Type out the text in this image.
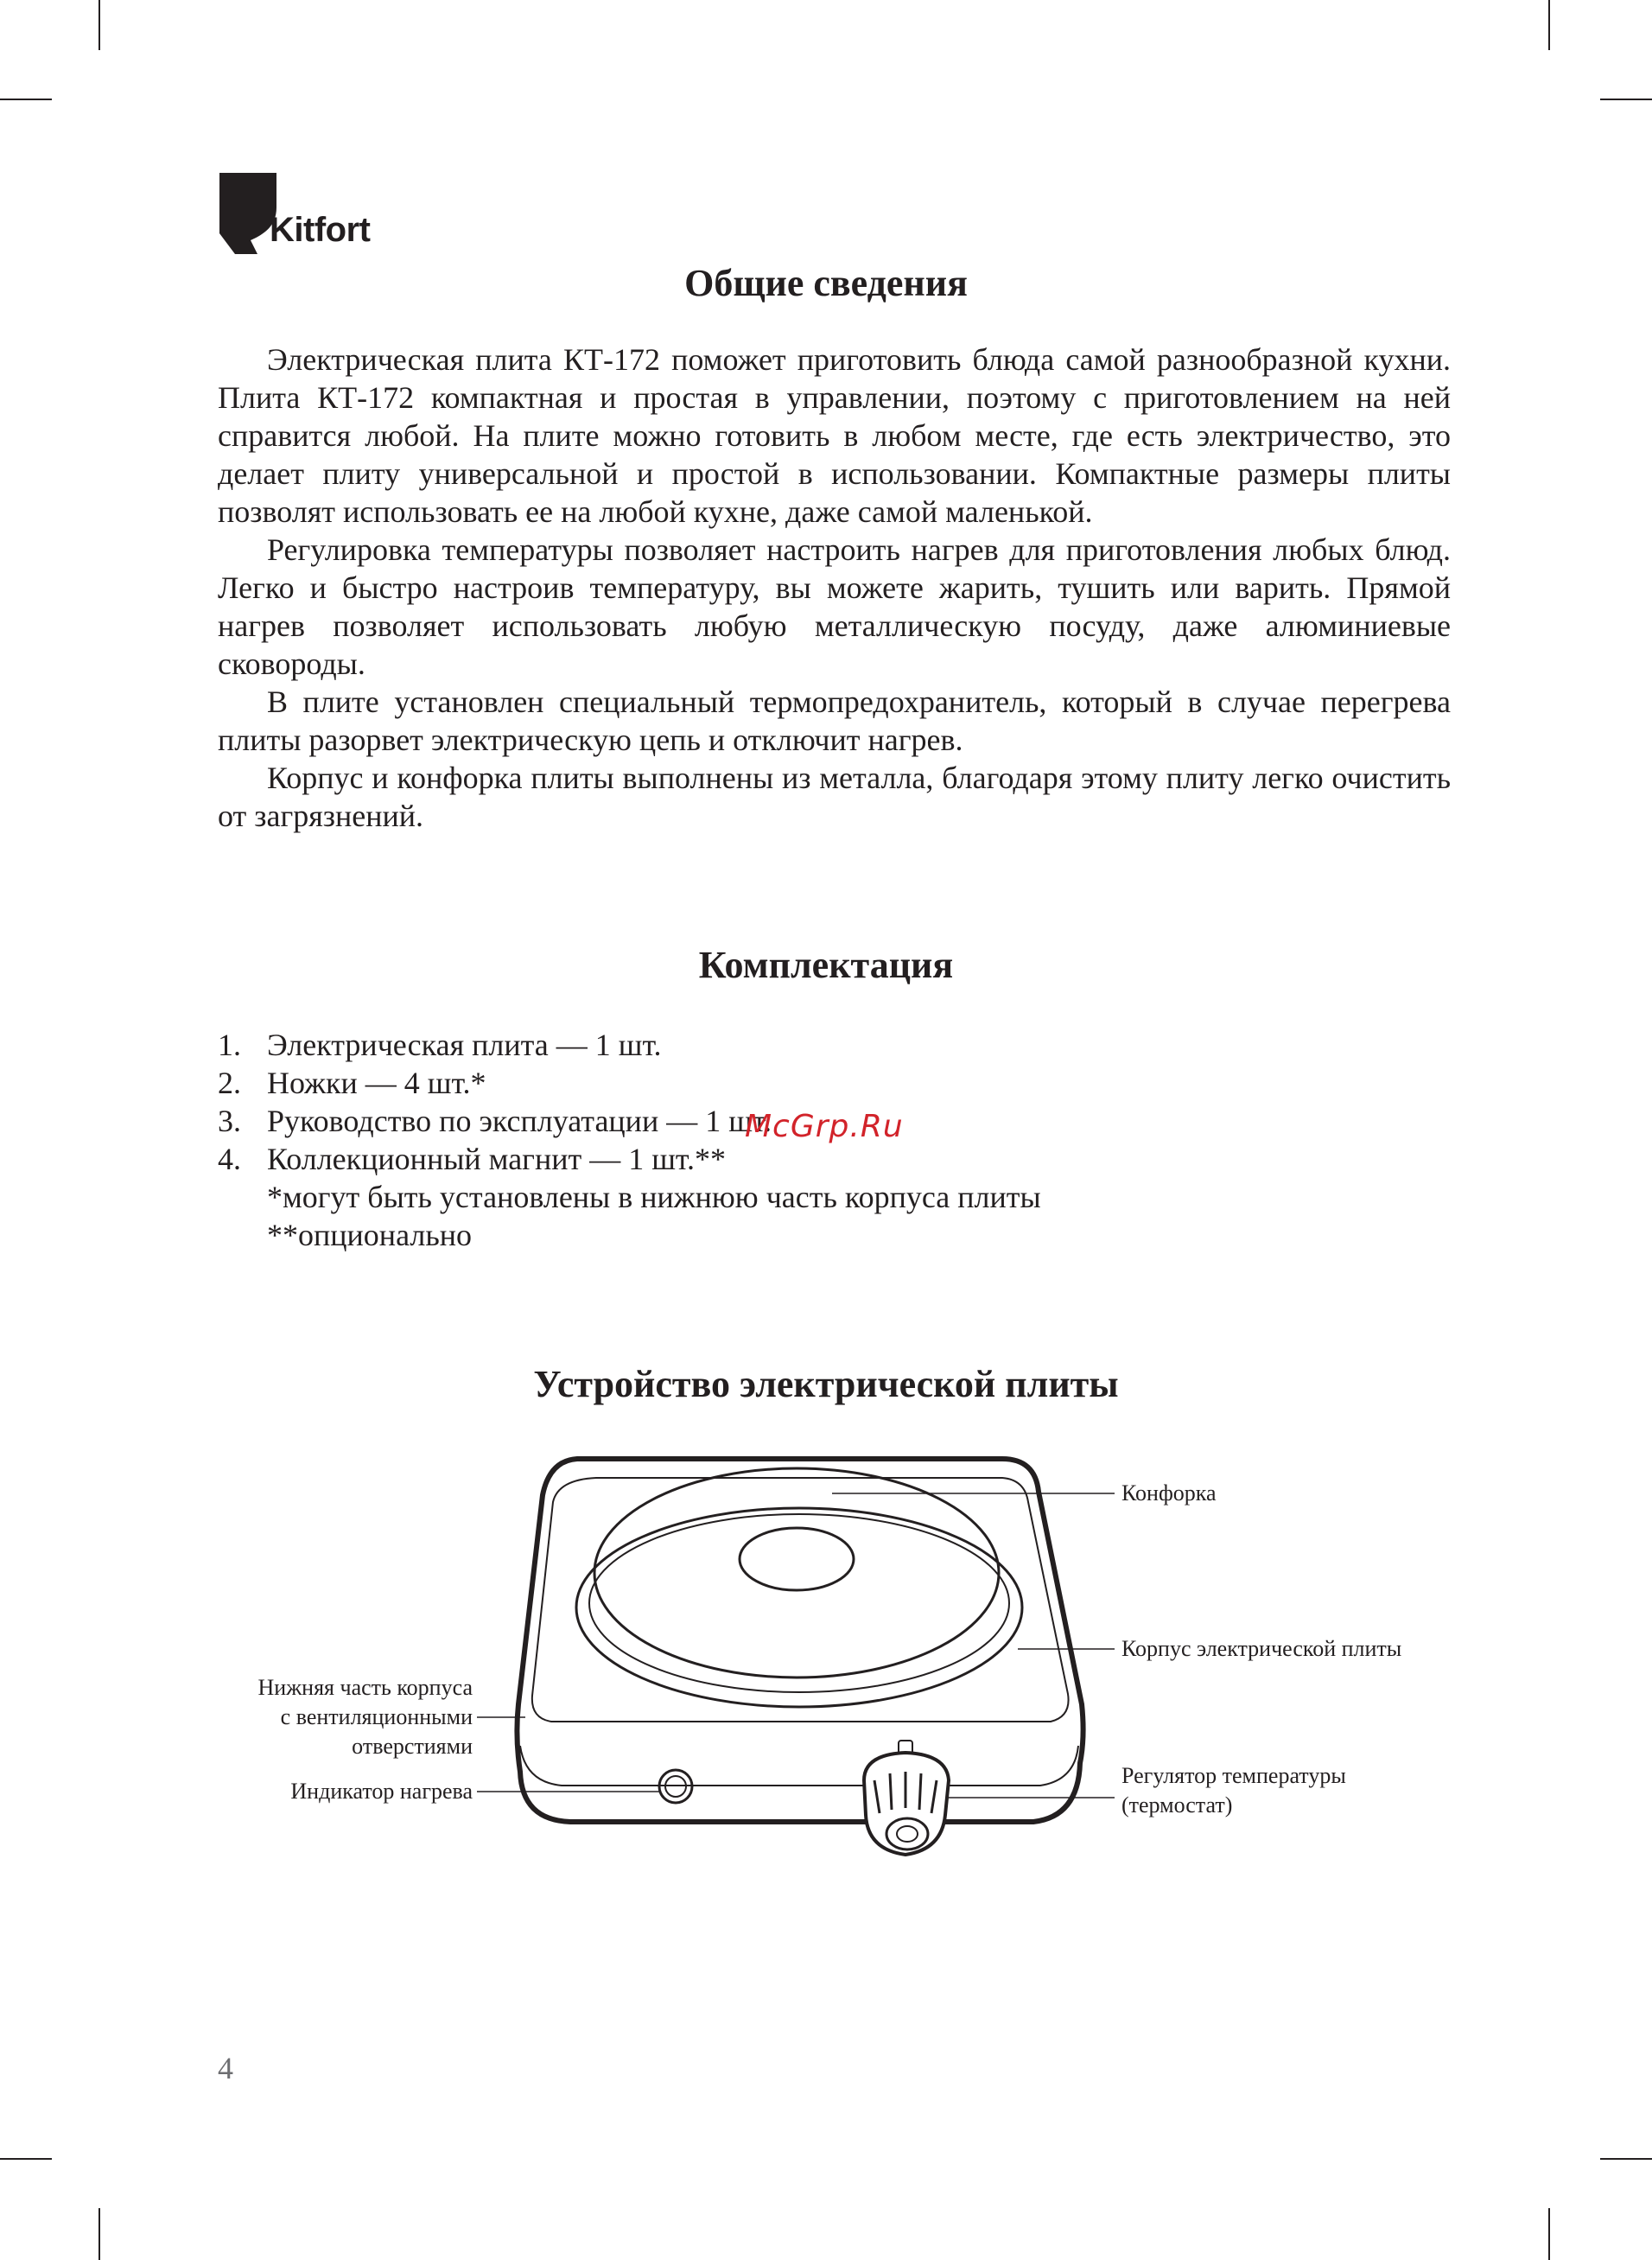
Kitfort
Общие сведения

Электрическая плита КТ-172 поможет приготовить блюда самой разнообразной кухни. Плита КТ-172 компактная и простая в управлении, поэтому с приготовлением на ней справится любой. На плите можно готовить в любом месте, где есть электричество, это делает плиту универсальной и простой в использовании. Компактные размеры плиты позволят использовать ее на любой кухне, даже самой маленькой.

Регулировка температуры позволяет настроить нагрев для приготовления любых блюд. Легко и быстро настроив температуру, вы можете жарить, тушить или варить. Прямой нагрев позволяет использовать любую металлическую посуду, даже алюминиевые сковороды.

В плите установлен специальный термопредохранитель, который в случае перегрева плиты разорвет электрическую цепь и отключит нагрев.

Корпус и конфорка плиты выполнены из металла, благодаря этому плиту легко очистить от загрязнений.

Комплектация
1. Электрическая плита — 1 шт.
2. Ножки — 4 шт.*
3. Руководство по эксплуатации — 1 шт.
4. Коллекционный магнит — 1 шт.**
*могут быть установлены в нижнюю часть корпуса плиты
**опционально
McGrp.Ru
Устройство электрической плиты
Конфорка
Корпус электрической плиты
Нижняя часть корпуса
с вентиляционными
отверстиями
Индикатор нагрева
Регулятор температуры
(термостат)
4
